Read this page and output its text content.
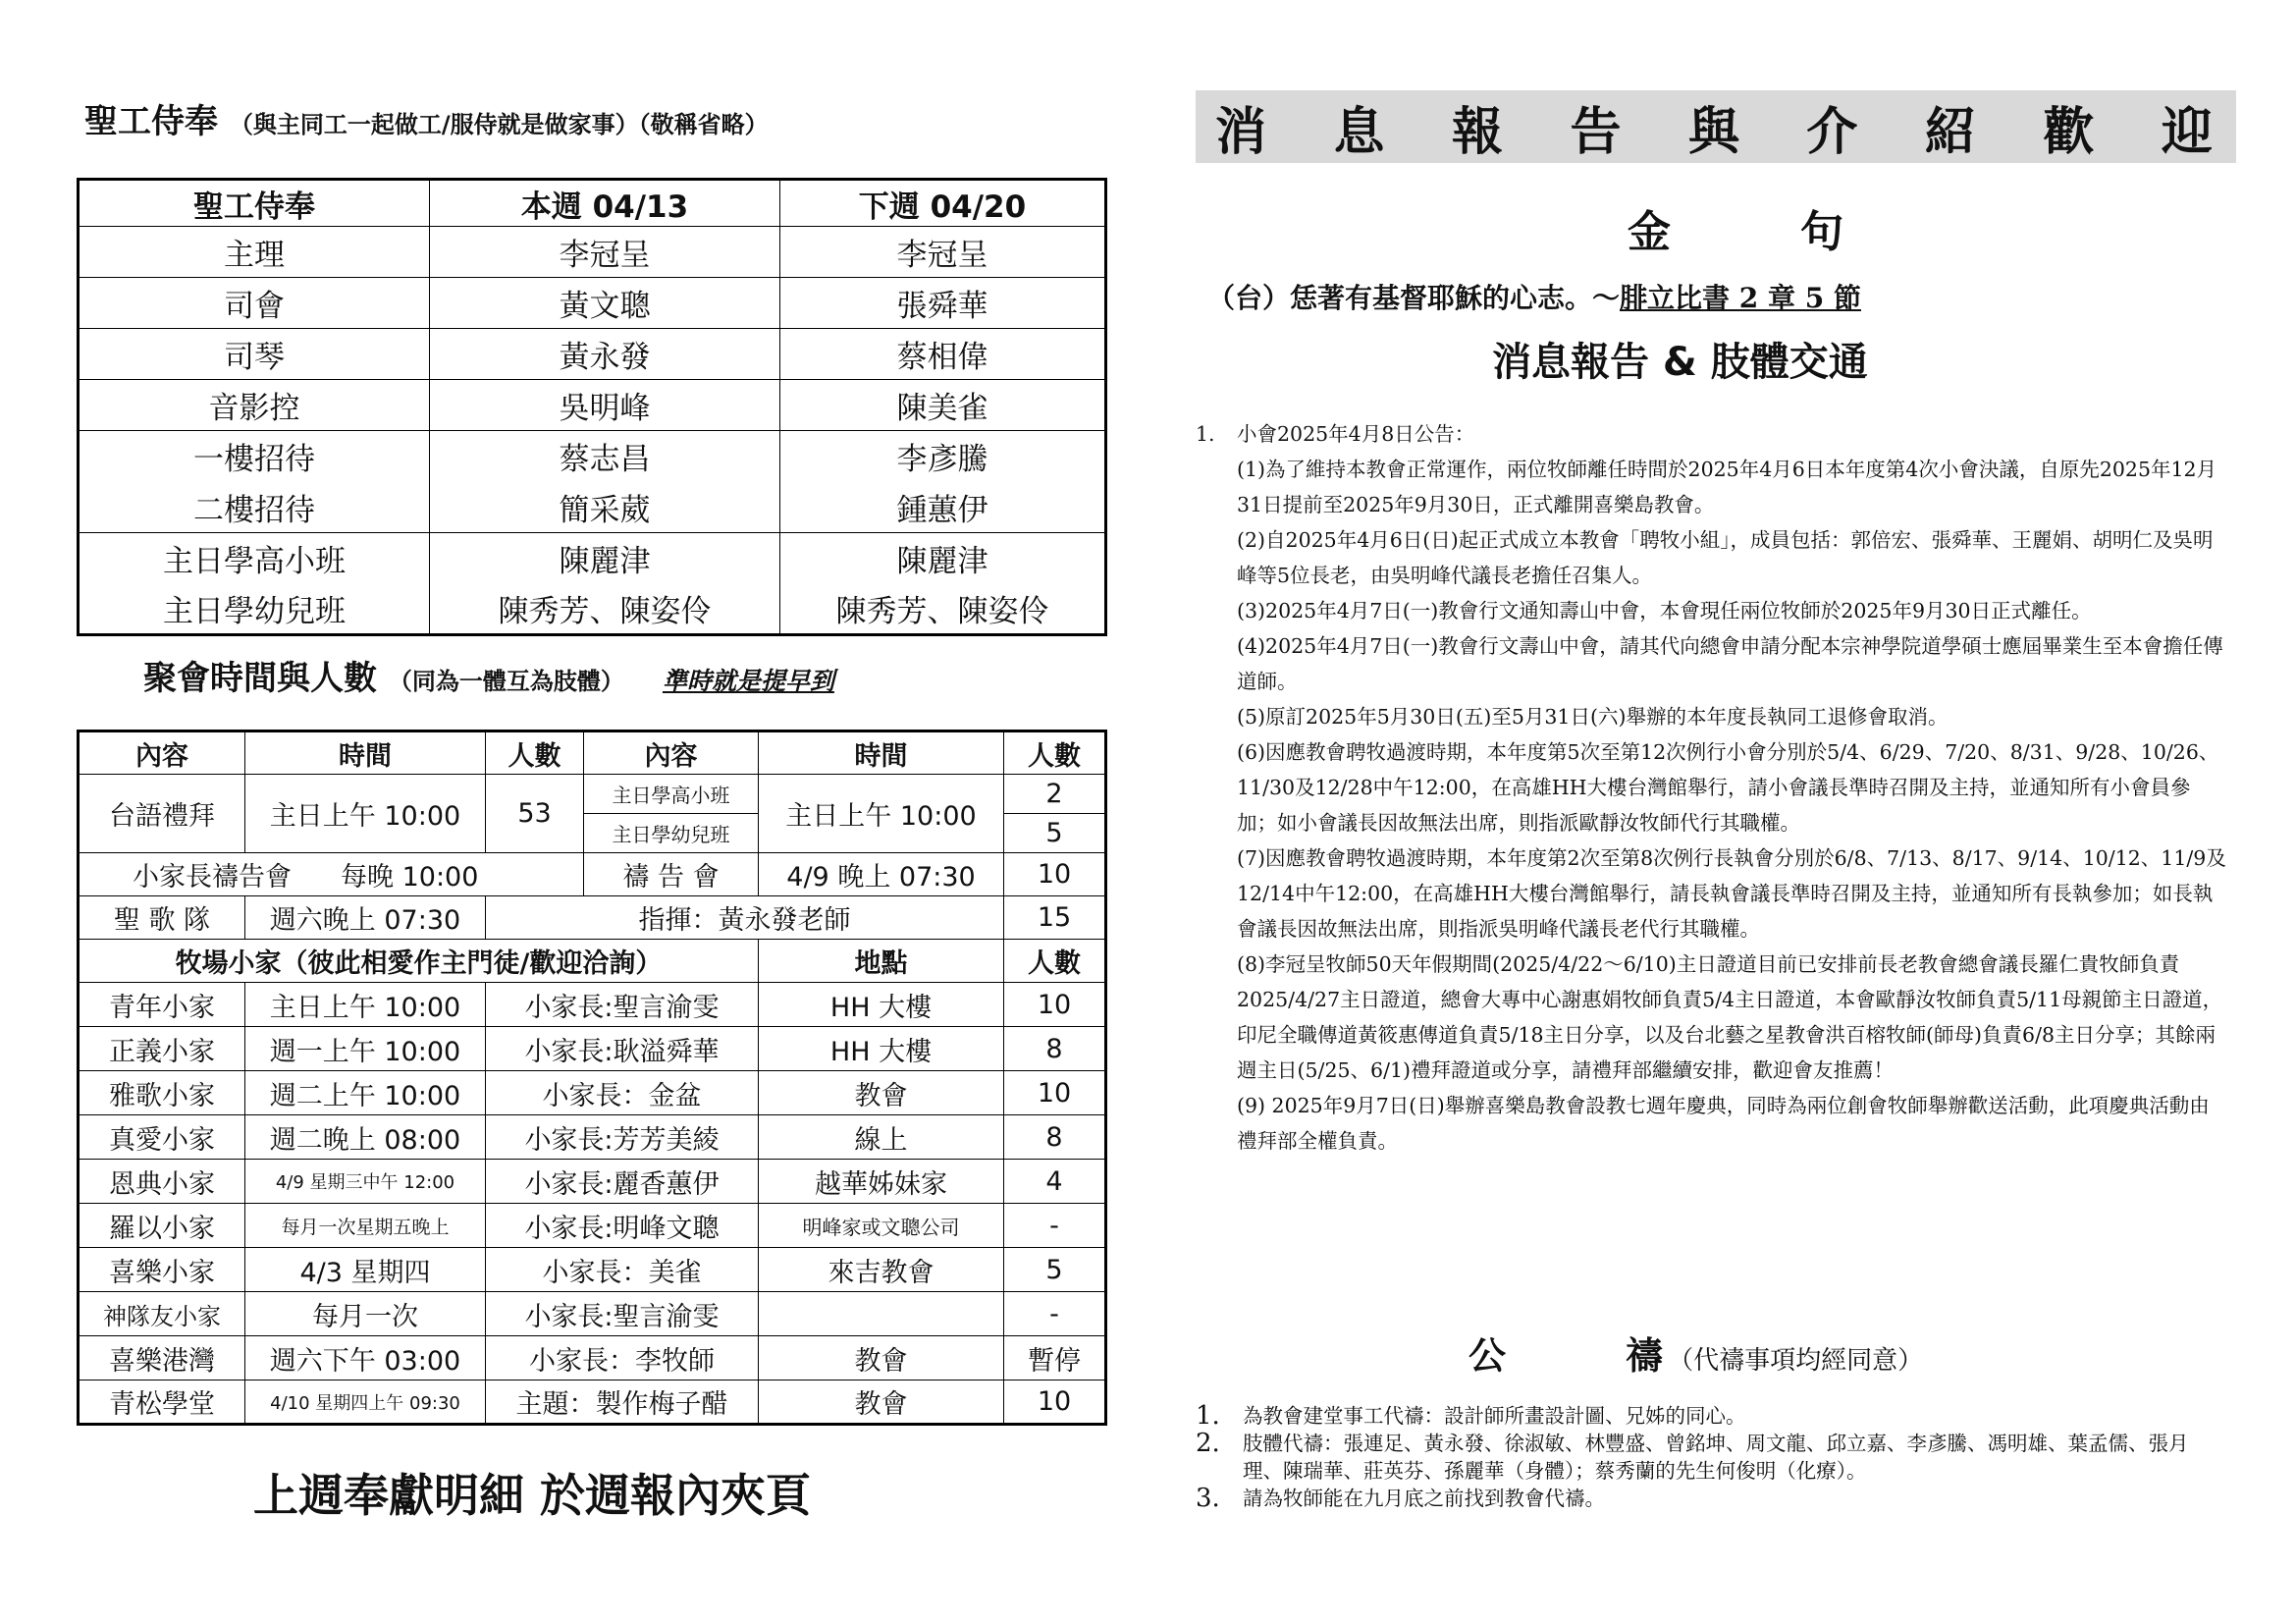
聖工侍奉 （與主同工一起做工/服侍就是做家事）（敬稱省略）
聖工侍奉	本週 04/13	下週 04/20
主理	李冠呈	李冠呈
司會	黃文聰	張舜華
司琴	黃永發	蔡相偉
音影控	吳明峰	陳美雀
一樓招待	蔡志昌	李彥騰
二樓招待	簡采葳	鍾蕙伊
主日學高小班	陳麗津	陳麗津
主日學幼兒班	陳秀芳、陳姿伶	陳秀芳、陳姿伶
聚會時間與人數 （同為一體互為肢體） 準時就是提早到
內容	時間	人數	內容	時間	人數
台語禮拜	主日上午 10:00	53	主日學高小班	主日上午 10:00	2
			主日學幼兒班		5
小家長禱告會 每晚 10:00			禱 告 會	4/9 晚上 07:30	10
聖 歌 隊	週六晚上 07:30	指揮：黃永發老師			15
牧場小家（彼此相愛作主門徒/歡迎洽詢）				地點	人數
青年小家	主日上午 10:00	小家長:聖言渝雯		HH 大樓	10
正義小家	週一上午 10:00	小家長:耿溢舜華		HH 大樓	8
雅歌小家	週二上午 10:00	小家長：金盆		教會	10
真愛小家	週二晚上 08:00	小家長:芳芳美綾		線上	8
恩典小家	4/9 星期三中午 12:00	小家長:麗香蕙伊		越華姊妹家	4
羅以小家	每月一次星期五晚上	小家長:明峰文聰		明峰家或文聰公司	-
喜樂小家	4/3 星期四	小家長：美雀		來吉教會	5
神隊友小家	每月一次	小家長:聖言渝雯			-
喜樂港灣	週六下午 03:00	小家長：李牧師		教會	暫停
青松學堂	4/10 星期四上午 09:30	主題：製作梅子醋		教會	10
上週奉獻明細 於週報內夾頁
消 息 報 告 與 介 紹 歡 迎
金	句
（台）恁著有基督耶穌的心志。～腓立比書 2 章 5 節
消息報告 & 肢體交通
1.	小會2025年4月8日公告：

(1)為了維持本教會正常運作，兩位牧師離任時間於2025年4月6日本年度第4次小會決議，自原先2025年12月31日提前至2025年9月30日，正式離開喜樂島教會。

(2)自2025年4月6日(日)起正式成立本教會「聘牧小組」，成員包括：郭倍宏、張舜華、王麗娟、胡明仁及吳明峰等5位長老，由吳明峰代議長老擔任召集人。

(3)2025年4月7日(一)教會行文通知壽山中會，本會現任兩位牧師於2025年9月30日正式離任。

(4)2025年4月7日(一)教會行文壽山中會，請其代向總會申請分配本宗神學院道學碩士應屆畢業生至本會擔任傳道師。

(5)原訂2025年5月30日(五)至5月31日(六)舉辦的本年度長執同工退修會取消。

(6)因應教會聘牧過渡時期，本年度第5次至第12次例行小會分別於5/4、6/29、7/20、8/31、9/28、10/26、11/30及12/28中午12:00，在高雄HH大樓台灣館舉行，請小會議長準時召開及主持，並通知所有小會員參加；如小會議長因故無法出席，則指派歐靜汝牧師代行其職權。

(7)因應教會聘牧過渡時期，本年度第2次至第8次例行長執會分別於6/8、7/13、8/17、9/14、10/12、11/9及12/14中午12:00，在高雄HH大樓台灣館舉行，請長執會議長準時召開及主持，並通知所有長執參加；如長執會議長因故無法出席，則指派吳明峰代議長老代行其職權。

(8)李冠呈牧師50天年假期間(2025/4/22～6/10)主日證道目前已安排前長老教會總會議長羅仁貴牧師負責2025/4/27主日證道，總會大專中心謝惠娟牧師負責5/4主日證道，本會歐靜汝牧師負責5/11母親節主日證道，印尼全職傳道黃筱惠傳道負責5/18主日分享，以及台北藝之星教會洪百榕牧師(師母)負責6/8主日分享；其餘兩週主日(5/25、6/1)禮拜證道或分享，請禮拜部繼續安排，歡迎會友推薦！

(9) 2025年9月7日(日)舉辦喜樂島教會設教七週年慶典，同時為兩位創會牧師舉辦歡送活動，此項慶典活動由禮拜部全權負責。

公	禱 （代禱事項均經同意）
1.	為教會建堂事工代禱：設計師所畫設計圖、兄姊的同心。

2.	肢體代禱：張連足、黃永發、徐淑敏、林豐盛、曾銘坤、周文龍、邱立嘉、李彥騰、馮明雄、葉孟儒、張月理、陳瑞華、莊英芬、孫麗華（身體）；蔡秀蘭的先生何俊明（化療）。

3.	請為牧師能在九月底之前找到教會代禱。
